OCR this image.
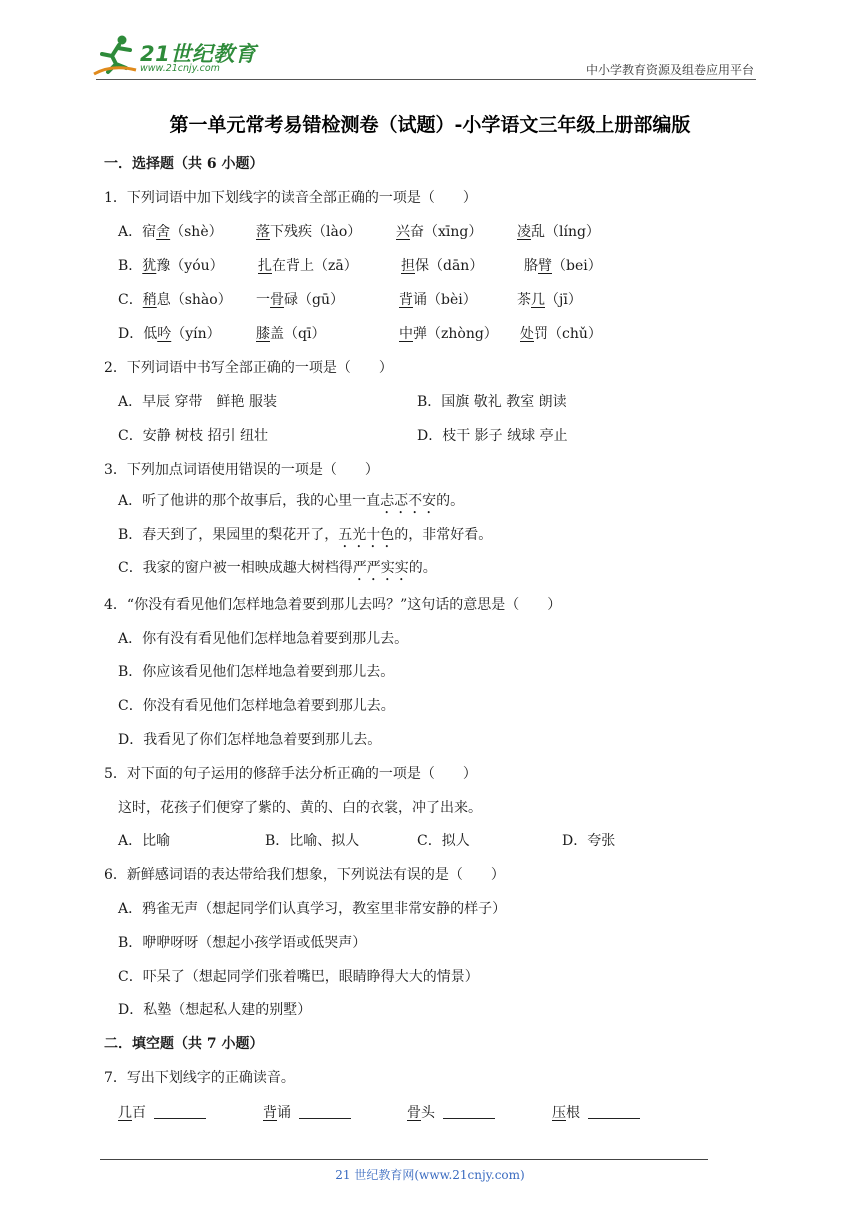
21世纪教育
www.21cnjy.com	中小学教育资源及组卷应用平台
第一单元常考易错检测卷（试题）-小学语文三年级上册部编版
一．选择题（共 6 小题）
1．下列词语中加下划线字的读音全部正确的一项是（　　）
A．宿舍（shè） 落下残疾（lào） 兴奋（xīng） 凌乱（líng）
B．犹豫（yóu） 扎在背上（zā）	担保（dān）	胳臂（bei）
C．稍息（shào） 一骨碌（gū）	背诵（bèi）	茶几（jī）
D．低吟（yín）	膝盖（qī）	中弹（zhòng） 处罚（chǔ）
2．下列词语中书写全部正确的一项是（　　）
A．早辰 穿带　鲜艳 服装	B．国旗 敬礼 教室 朗读
C．安静 树枝 招引 纽壮	D．枝干 影子 绒球 亭止
3．下列加点词语使用错误的一项是（　　）
A．听了他讲的那个故事后，我的心里一直忐忑不安的。
B．春天到了，果园里的梨花开了，五光十色的，非常好看。
C．我家的窗户被一相映成趣大树档得严严实实的。
4．“你没有看见他们怎样地急着要到那儿去吗？”这句话的意思是（　　）
A．你有没有看见他们怎样地急着要到那儿去。
B．你应该看见他们怎样地急着要到那儿去。
C．你没有看见他们怎样地急着要到那儿去。
D．我看见了你们怎样地急着要到那儿去。
5．对下面的句子运用的修辞手法分析正确的一项是（　　）
这时，花孩子们便穿了紫的、黄的、白的衣裳，冲了出来。
A．比喻	B．比喻、拟人	C．拟人	D．夸张
6．新鲜感词语的表达带给我们想象，下列说法有误的是（　　）
A．鸦雀无声（想起同学们认真学习，教室里非常安静的样子）
B．咿咿呀呀（想起小孩学语或低哭声）
C．吓呆了（想起同学们张着嘴巴，眼睛睁得大大的情景）
D．私塾（想起私人建的别墅）
二．填空题（共 7 小题）
7．写出下划线字的正确读音。
几百	背诵	骨头	压根
21 世纪教育网(www.21cnjy.com)
